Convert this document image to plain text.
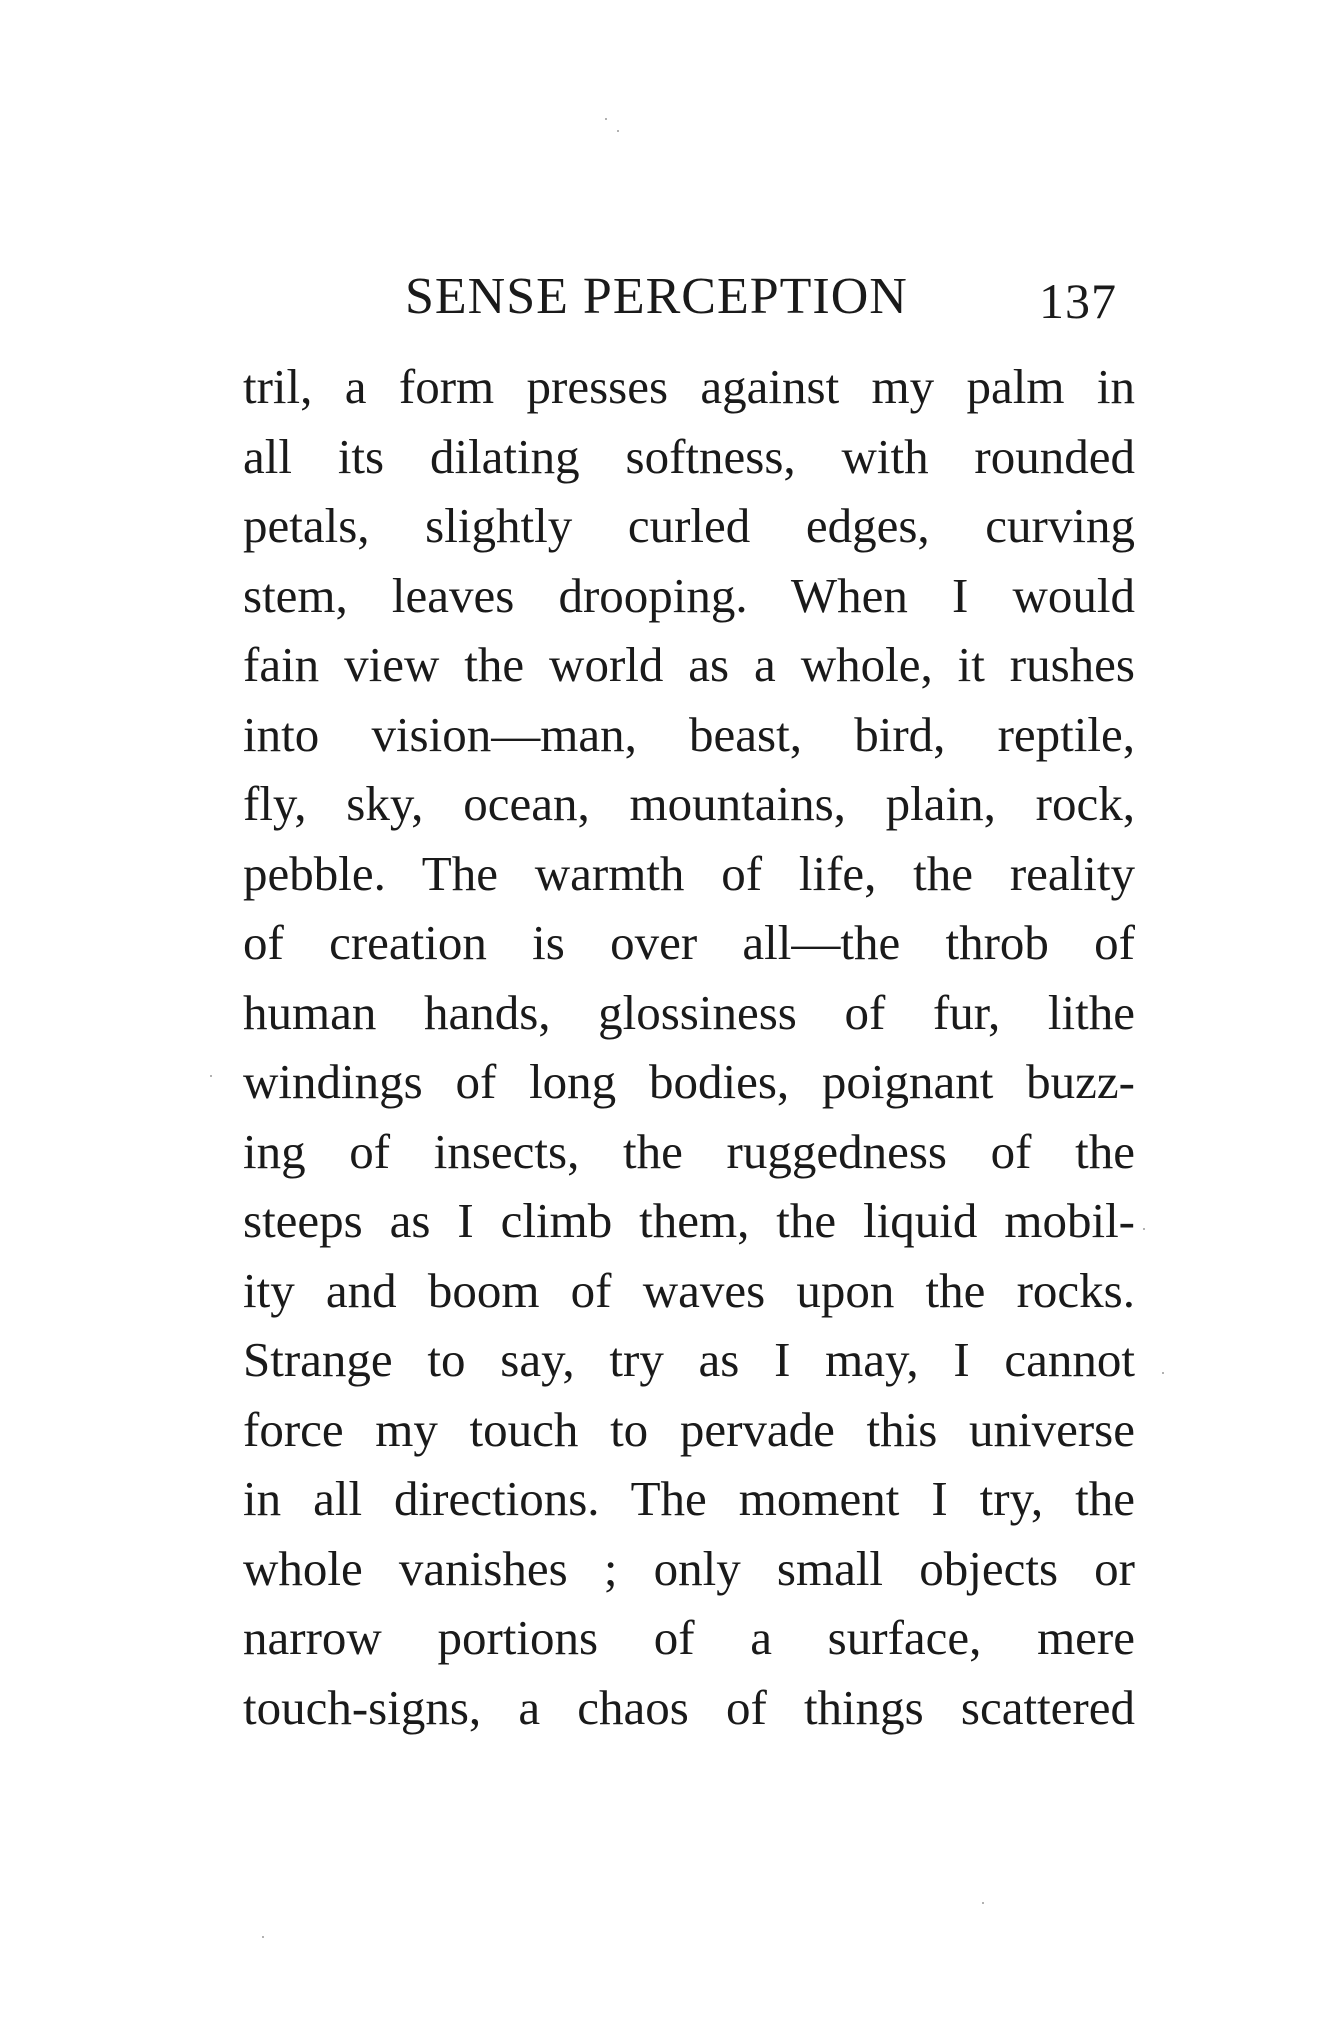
SENSE PERCEPTION	137
tril, a form presses against my palm in
all its dilating softness, with rounded
petals, slightly curled edges, curving
stem, leaves drooping. When I would
fain view the world as a whole, it rushes
into vision—man, beast, bird, reptile,
fly, sky, ocean, mountains, plain, rock,
pebble. The warmth of life, the reality
of creation is over all—the throb of
human hands, glossiness of fur, lithe
windings of long bodies, poignant buzz-
ing of insects, the ruggedness of the
steeps as I climb them, the liquid mobil-
ity and boom of waves upon the rocks.
Strange to say, try as I may, I cannot
force my touch to pervade this universe
in all directions. The moment I try, the
whole vanishes ; only small objects or
narrow portions of a surface, mere
touch-signs, a chaos of things scattered
